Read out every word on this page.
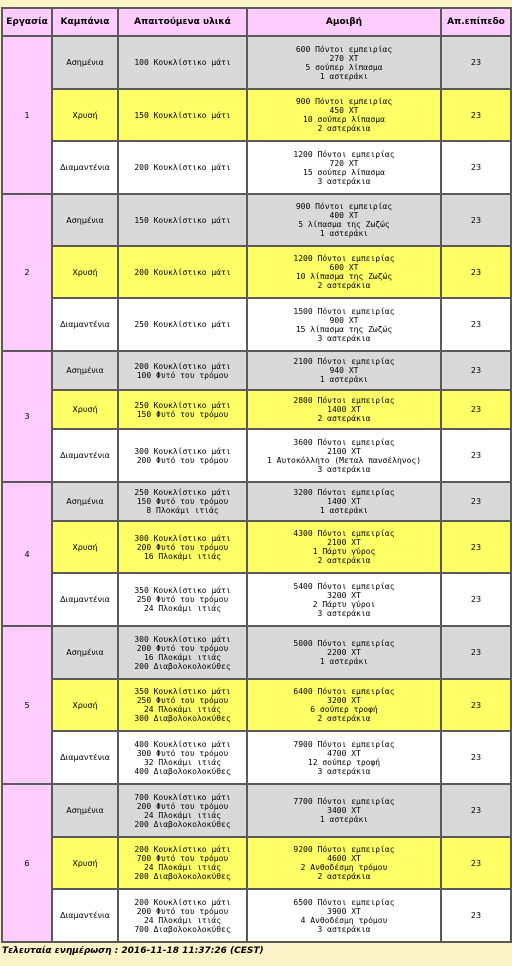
Εργασία	Καμπάνια	Απαιτούμενα υλικά	Αμοιβή	Απ.επίπεδο
1	Ασημένια	100 Κουκλίστικο μάτι	600 Πόντοι εμπειρίας
270 ΧΤ
5 σούπερ λίπασμα
1 αστεράκι	23
	Χρυσή	150 Κουκλίστικο μάτι	900 Πόντοι εμπειρίας
450 ΧΤ
10 σούπερ λίπασμα
2 αστεράκια	23
	Διαμαντένια	200 Κουκλίστικο μάτι	1200 Πόντοι εμπειρίας
720 ΧΤ
15 σούπερ λίπασμα
3 αστεράκια	23
2	Ασημένια	150 Κουκλίστικο μάτι	900 Πόντοι εμπειρίας
400 ΧΤ
5 λίπασμα της Ζωζώς
1 αστεράκι	23
	Χρυσή	200 Κουκλίστικο μάτι	1200 Πόντοι εμπειρίας
600 ΧΤ
10 λίπασμα της Ζωζώς
2 αστεράκια	23
	Διαμαντένια	250 Κουκλίστικο μάτι	1500 Πόντοι εμπειρίας
900 ΧΤ
15 λίπασμα της Ζωζώς
3 αστεράκια	23
3	Ασημένια	200 Κουκλίστικο μάτι
100 Φυτό του τρόμου	2100 Πόντοι εμπειρίας
940 ΧΤ
1 αστεράκι	23
	Χρυσή	250 Κουκλίστικο μάτι
150 Φυτό του τρόμου	2800 Πόντοι εμπειρίας
1400 ΧΤ
2 αστεράκια	23
	Διαμαντένια	300 Κουκλίστικο μάτι
200 Φυτό του τρόμου	3600 Πόντοι εμπειρίας
2100 ΧΤ
1 Αυτοκόλλητο (Μεταλ πανσέληνος)
3 αστεράκια	23
4	Ασημένια	250 Κουκλίστικο μάτι
150 Φυτό του τρόμου
8 Πλοκάμι ιτιάς	3200 Πόντοι εμπειρίας
1400 ΧΤ
1 αστεράκι	23
	Χρυσή	300 Κουκλίστικο μάτι
200 Φυτό του τρόμου
16 Πλοκάμι ιτιάς	4300 Πόντοι εμπειρίας
2100 ΧΤ
1 Πάρτυ γύρος
2 αστεράκια	23
	Διαμαντένια	350 Κουκλίστικο μάτι
250 Φυτό του τρόμου
24 Πλοκάμι ιτιάς	5400 Πόντοι εμπειρίας
3200 ΧΤ
2 Πάρτυ γύροι
3 αστεράκια	23
5	Ασημένια	300 Κουκλίστικο μάτι
200 Φυτό του τρόμου
16 Πλοκάμι ιτιάς
200 Διαβολοκολοκύθες	5000 Πόντοι εμπειρίας
2200 ΧΤ
1 αστεράκι	23
	Χρυσή	350 Κουκλίστικο μάτι
250 Φυτό του τρόμου
24 Πλοκάμι ιτιάς
300 Διαβολοκολοκύθες	6400 Πόντοι εμπειρίας
3200 ΧΤ
6 σούπερ τροφή
2 αστεράκια	23
	Διαμαντένια	400 Κουκλίστικο μάτι
300 Φυτό του τρόμου
32 Πλοκάμι ιτιάς
400 Διαβολοκολοκύθες	7900 Πόντοι εμπειρίας
4700 ΧΤ
12 σούπερ τροφή
3 αστεράκια	23
6	Ασημένια	700 Κουκλίστικο μάτι
200 Φυτό του τρόμου
24 Πλοκάμι ιτιάς
200 Διαβολοκολοκύθες	7700 Πόντοι εμπειρίας
3400 ΧΤ
1 αστεράκι	23
	Χρυσή	200 Κουκλίστικο μάτι
700 Φυτό του τρόμου
24 Πλοκάμι ιτιάς
200 Διαβολοκολοκύθες	9200 Πόντοι εμπειρίας
4600 ΧΤ
2 Ανθοδέσμη τρόμου
2 αστεράκια	23
	Διαμαντένια	200 Κουκλίστικο μάτι
200 Φυτό του τρόμου
24 Πλοκάμι ιτιάς
700 Διαβολοκολοκύθες	6500 Πόντοι εμπειρίας
3900 ΧΤ
4 Ανθοδέσμη τρόμου
3 αστεράκια	23
Τελευταία ενημέρωση : 2016-11-18 11:37:26 (CEST)
